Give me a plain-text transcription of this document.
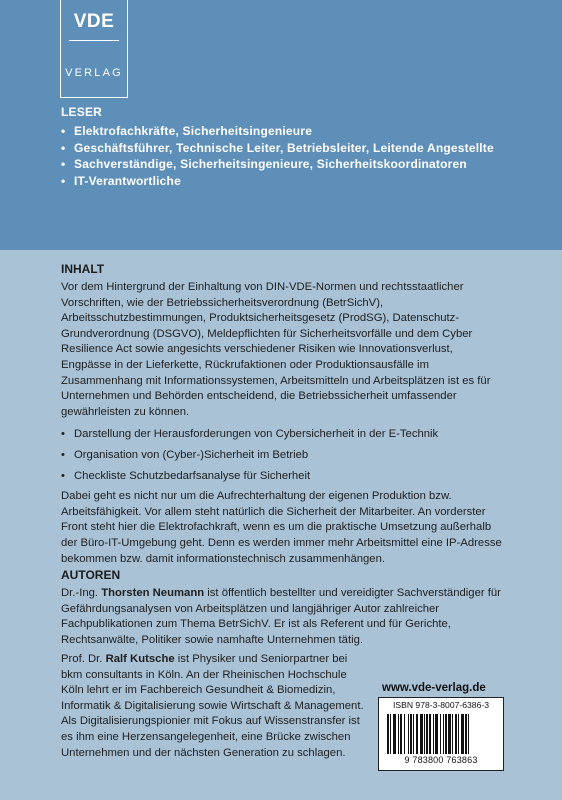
VDE
VERLAG
LESER
• Elektrofachkräfte, Sicherheitsingenieure
• Geschäftsführer, Technische Leiter, Betriebsleiter, Leitende Angestellte
• Sachverständige, Sicherheitsingenieure, Sicherheitskoordinatoren
• IT-Verantwortliche
INHALT

Vor dem Hintergrund der Einhaltung von DIN-VDE-Normen und rechtsstaatlicher Vorschriften, wie der Betriebssicherheitsverordnung (BetrSichV), Arbeitsschutzbestimmungen, Produktsicherheitsgesetz (ProdSG), Datenschutz-Grundverordnung (DSGVO), Meldepflichten für Sicherheitsvorfälle und dem Cyber Resilience Act sowie angesichts verschiedener Risiken wie Innovationsverlust, Engpässe in der Lieferkette, Rückrufaktionen oder Produktionsausfälle im Zusammenhang mit Informationssystemen, Arbeitsmitteln und Arbeitsplätzen ist es für Unternehmen und Behörden entscheidend, die Betriebssicherheit umfassender gewährleisten zu können.

• Darstellung der Herausforderungen von Cybersicherheit in der E-Technik
• Organisation von (Cyber-)Sicherheit im Betrieb
• Checkliste Schutzbedarfsanalyse für Sicherheit

Dabei geht es nicht nur um die Aufrechterhaltung der eigenen Produktion bzw. Arbeitsfähigkeit. Vor allem steht natürlich die Sicherheit der Mitarbeiter. An vorderster Front steht hier die Elektrofachkraft, wenn es um die praktische Umsetzung außerhalb der Büro-IT-Umgebung geht. Denn es werden immer mehr Arbeitsmittel eine IP-Adresse bekommen bzw. damit informationstechnisch zusammenhängen.

AUTOREN

Dr.-Ing. Thorsten Neumann ist öffentlich bestellter und vereidigter Sachverständiger für Gefährdungsanalysen von Arbeitsplätzen und langjähriger Autor zahlreicher Fachpublikationen zum Thema BetrSichV. Er ist als Referent und für Gerichte, Rechtsanwälte, Politiker sowie namhafte Unternehmen tätig.

Prof. Dr. Ralf Kutsche ist Physiker und Seniorpartner bei bkm consultants in Köln. An der Rheinischen Hochschule Köln lehrt er im Fachbereich Gesundheit & Biomedizin, Informatik & Digitalisierung sowie Wirtschaft & Management. Als Digitalisierungspionier mit Fokus auf Wissenstransfer ist es ihm eine Herzensangelegenheit, eine Brücke zwischen Unternehmen und der nächsten Generation zu schlagen.

www.vde-verlag.de
ISBN 978-3-8007-6386-3
9 783800 763863
